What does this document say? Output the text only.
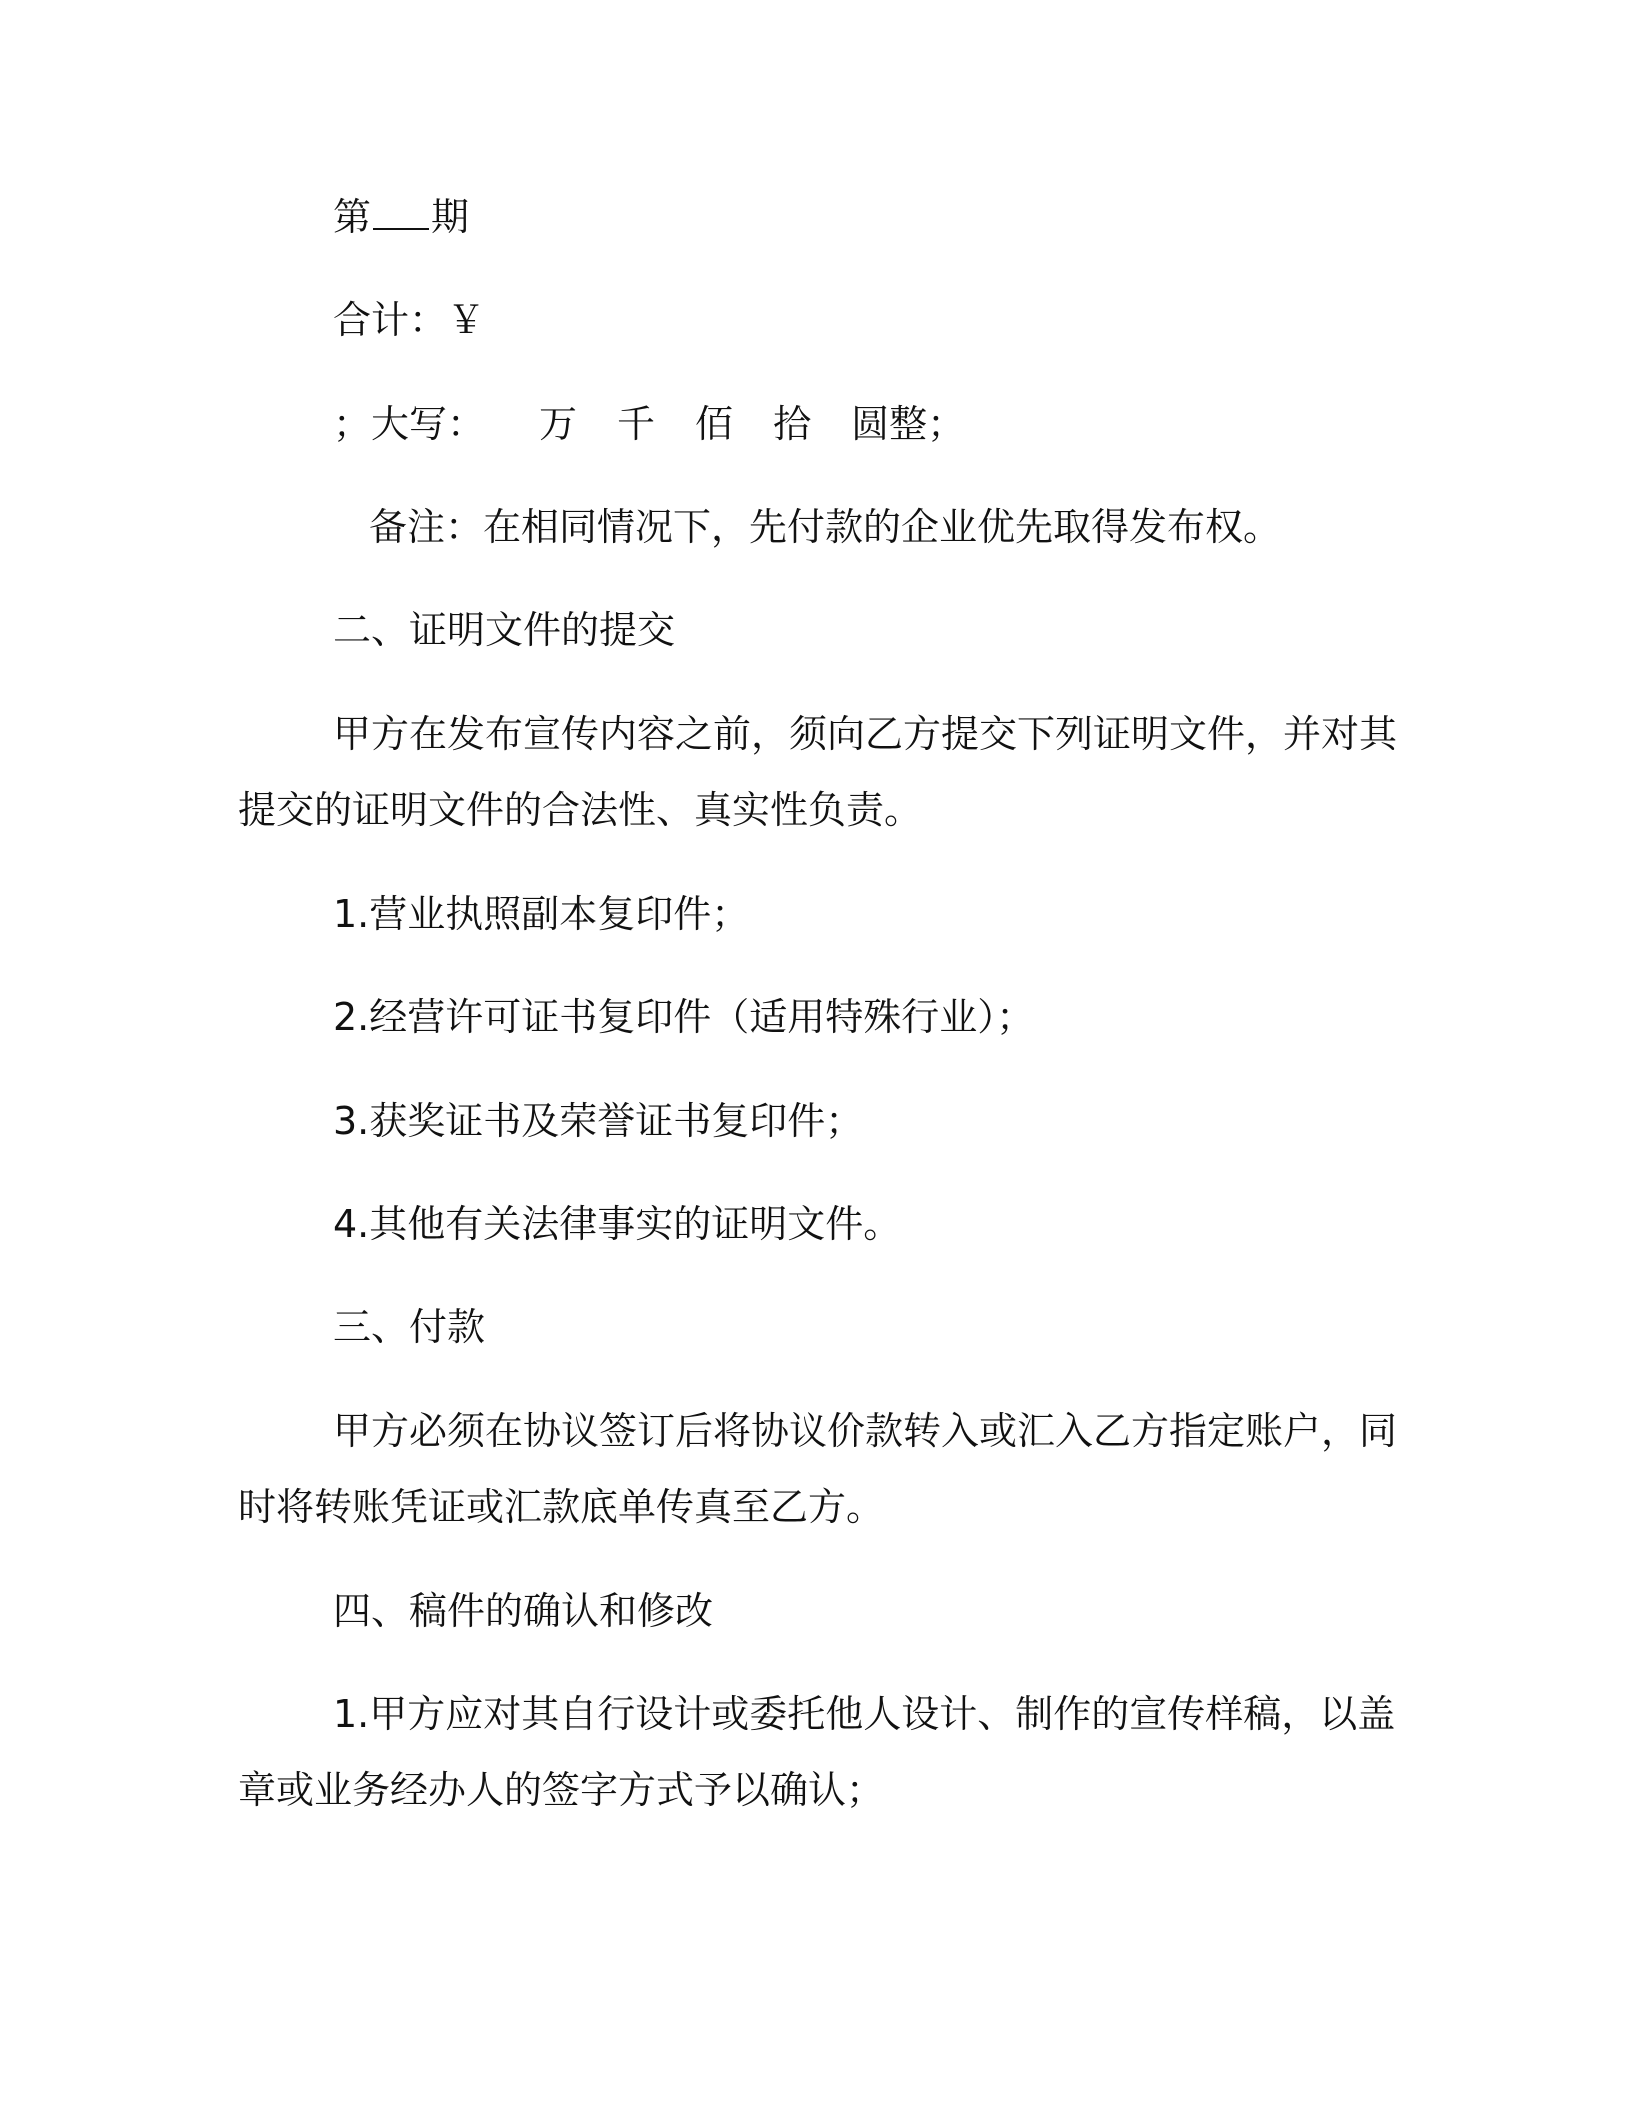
第 期
合计：￥
；大写： 万 千 佰 拾 圆整；
备注：在相同情况下，先付款的企业优先取得发布权。
二、证明文件的提交
甲方在发布宣传内容之前，须向乙方提交下列证明文件，并对其
提交的证明文件的合法性、真实性负责。
1.营业执照副本复印件；
2.经营许可证书复印件（适用特殊行业）；
3.获奖证书及荣誉证书复印件；
4.其他有关法律事实的证明文件。
三、付款
甲方必须在协议签订后将协议价款转入或汇入乙方指定账户，同
时将转账凭证或汇款底单传真至乙方。
四、稿件的确认和修改
1.甲方应对其自行设计或委托他人设计、制作的宣传样稿，以盖
章或业务经办人的签字方式予以确认；
